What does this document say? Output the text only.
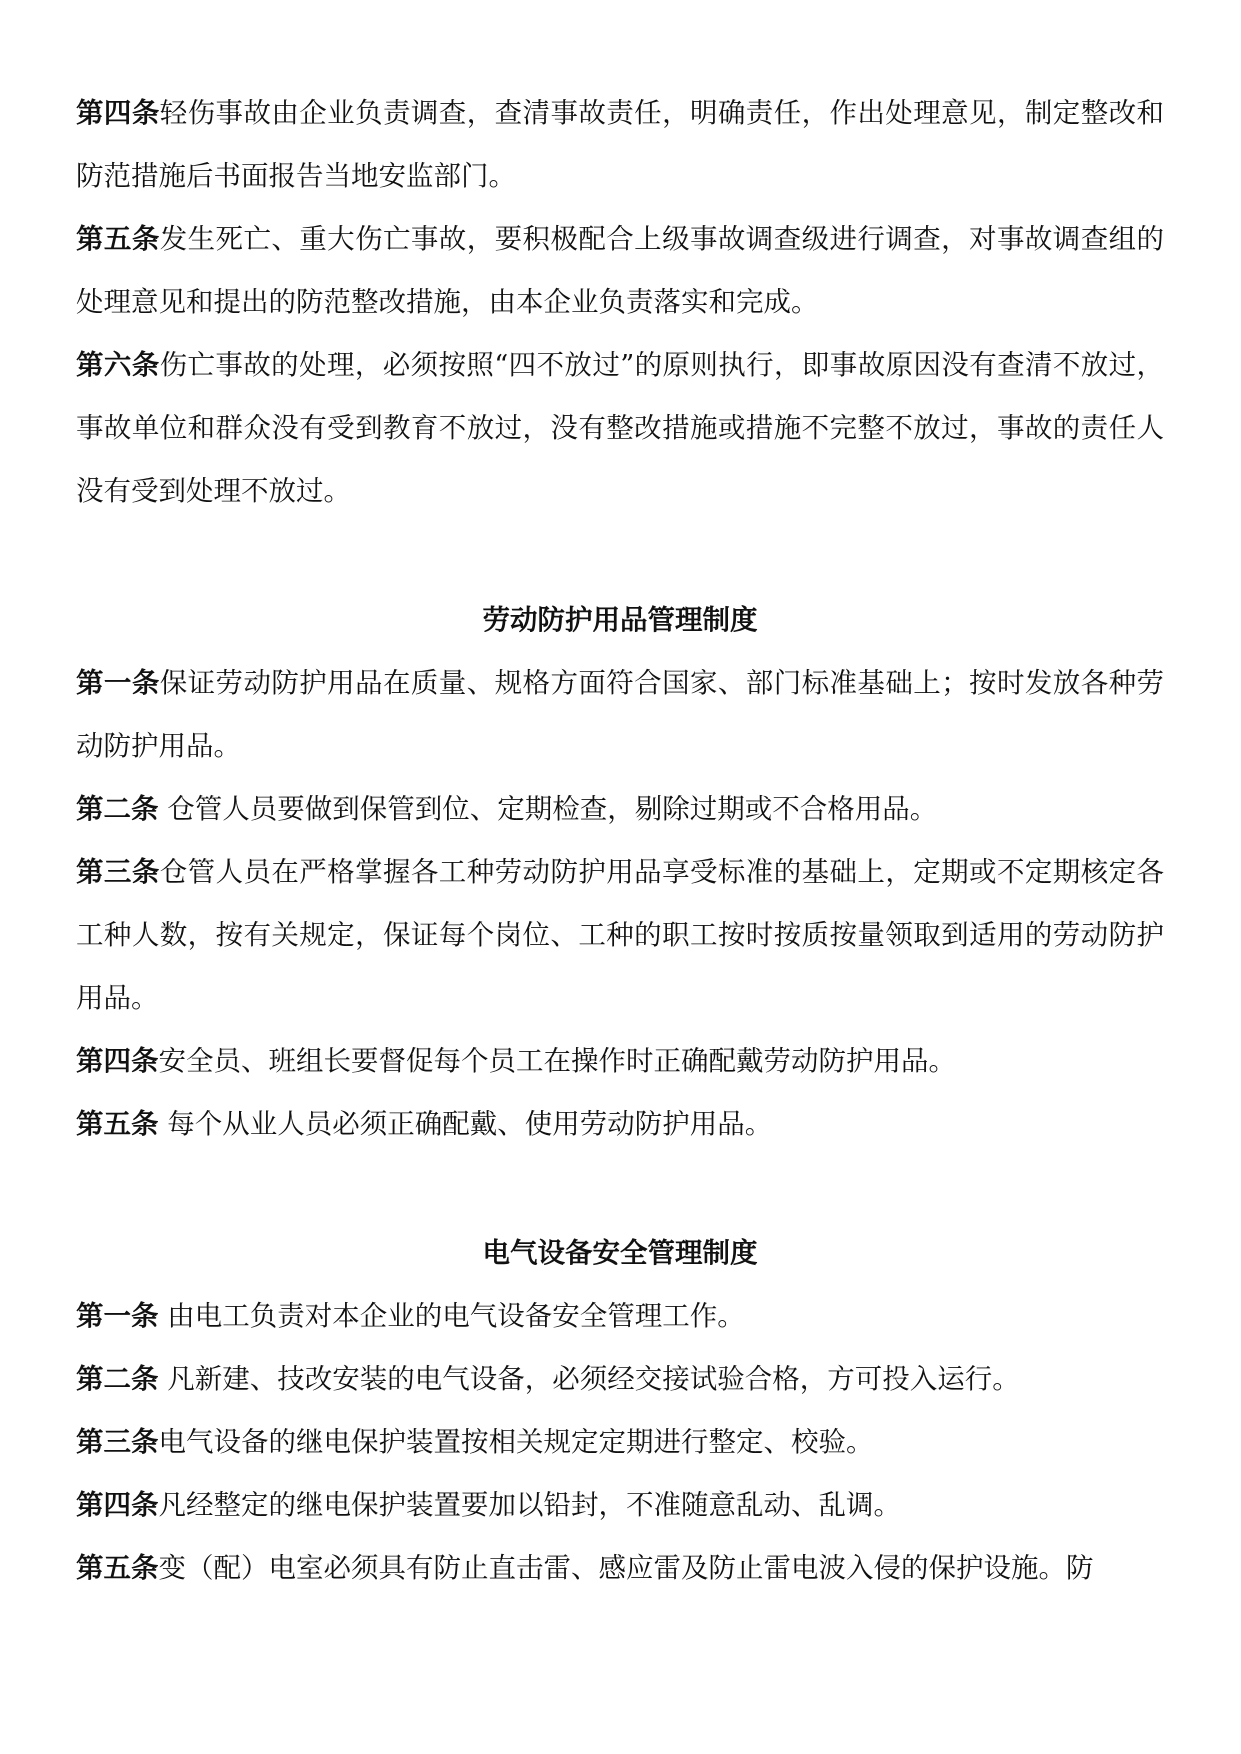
第四条轻伤事故由企业负责调查，查清事故责任，明确责任，作出处理意见，制定整改和防范措施后书面报告当地安监部门。

第五条发生死亡、重大伤亡事故，要积极配合上级事故调查级进行调查，对事故调查组的处理意见和提出的防范整改措施，由本企业负责落实和完成。

第六条伤亡事故的处理，必须按照“四不放过”的原则执行，即事故原因没有查清不放过，事故单位和群众没有受到教育不放过，没有整改措施或措施不完整不放过，事故的责任人没有受到处理不放过。

劳动防护用品管理制度

第一条保证劳动防护用品在质量、规格方面符合国家、部门标准基础上；按时发放各种劳动防护用品。

第二条 仓管人员要做到保管到位、定期检查，剔除过期或不合格用品。

第三条仓管人员在严格掌握各工种劳动防护用品享受标准的基础上，定期或不定期核定各工种人数，按有关规定，保证每个岗位、工种的职工按时按质按量领取到适用的劳动防护用品。

第四条安全员、班组长要督促每个员工在操作时正确配戴劳动防护用品。

第五条 每个从业人员必须正确配戴、使用劳动防护用品。

电气设备安全管理制度

第一条 由电工负责对本企业的电气设备安全管理工作。

第二条 凡新建、技改安装的电气设备，必须经交接试验合格，方可投入运行。

第三条电气设备的继电保护装置按相关规定定期进行整定、校验。

第四条凡经整定的继电保护装置要加以铅封，不准随意乱动、乱调。

第五条变（配）电室必须具有防止直击雷、感应雷及防止雷电波入侵的保护设施。防
